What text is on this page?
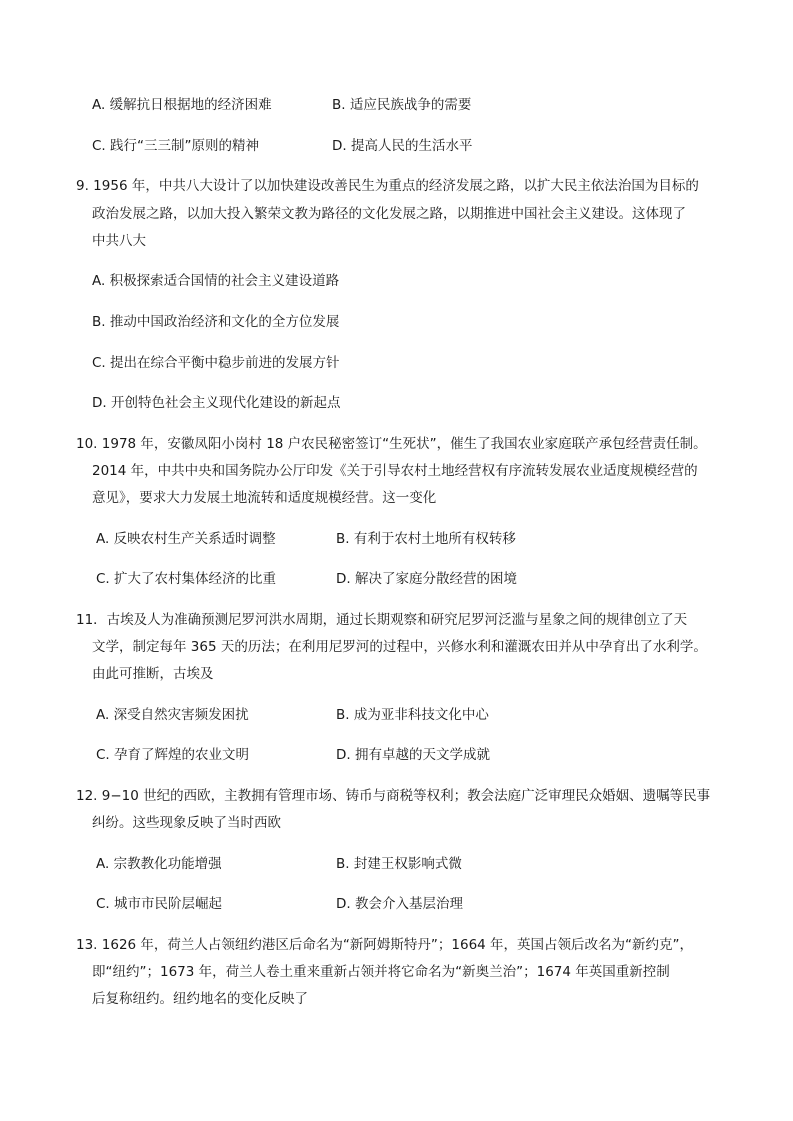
A. 缓解抗日根据地的经济困难	B. 适应民族战争的需要
C. 践行“三三制”原则的精神	D. 提高人民的生活水平
9. 1956 年，中共八大设计了以加快建设改善民生为重点的经济发展之路，以扩大民主依法治国为目标的
政治发展之路，以加大投入繁荣文教为路径的文化发展之路，以期推进中国社会主义建设。这体现了
中共八大
A. 积极探索适合国情的社会主义建设道路
B. 推动中国政治经济和文化的全方位发展
C. 提出在综合平衡中稳步前进的发展方针
D. 开创特色社会主义现代化建设的新起点
10. 1978 年，安徽凤阳小岗村 18 户农民秘密签订“生死状”，催生了我国农业家庭联产承包经营责任制。
2014 年，中共中央和国务院办公厅印发《关于引导农村土地经营权有序流转发展农业适度规模经营的
意见》，要求大力发展土地流转和适度规模经营。这一变化
A. 反映农村生产关系适时调整	B. 有利于农村土地所有权转移
C. 扩大了农村集体经济的比重	D. 解决了家庭分散经营的困境
11．古埃及人为准确预测尼罗河洪水周期，通过长期观察和研究尼罗河泛滥与星象之间的规律创立了天
文学，制定每年 365 天的历法；在利用尼罗河的过程中，兴修水利和灌溉农田并从中孕育出了水利学。
由此可推断，古埃及
A. 深受自然灾害频发困扰	B. 成为亚非科技文化中心
C. 孕育了辉煌的农业文明	D. 拥有卓越的天文学成就
12. 9−10 世纪的西欧，主教拥有管理市场、铸币与商税等权利；教会法庭广泛审理民众婚姻、遗嘱等民事
纠纷。这些现象反映了当时西欧
A. 宗教教化功能增强	B. 封建王权影响式微
C. 城市市民阶层崛起	D. 教会介入基层治理
13. 1626 年，荷兰人占领纽约港区后命名为“新阿姆斯特丹”；1664 年，英国占领后改名为“新约克”，
即“纽约”；1673 年，荷兰人卷土重来重新占领并将它命名为“新奥兰治”；1674 年英国重新控制
后复称纽约。纽约地名的变化反映了
